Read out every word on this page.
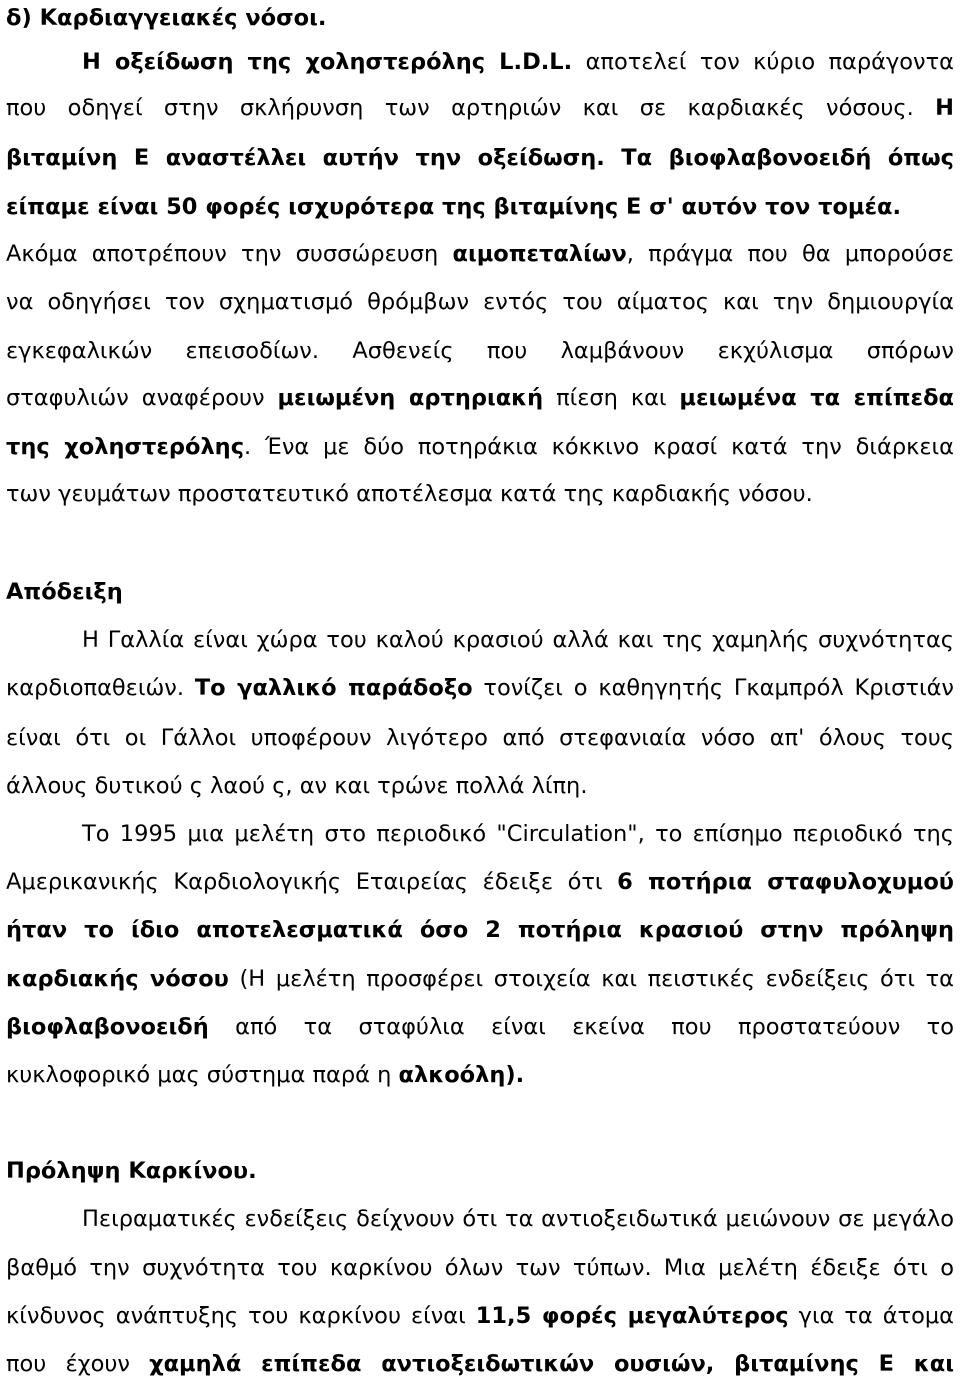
δ) Καρδιαγγειακές νόσοι.
Η οξείδωση της χοληστερόλης L.D.L. αποτελεί τον κύριο παράγοντα
που οδηγεί στην σκλήρυνση των αρτηριών και σε καρδιακές νόσους. Η
βιταμίνη Ε αναστέλλει αυτήν την οξείδωση. Τα βιοφλαβονοειδή όπως
είπαμε είναι 50 φορές ισχυρότερα της βιταμίνης Ε σ' αυτόν τον τομέα.
Ακόμα αποτρέπουν την συσσώρευση αιμοπεταλίων, πράγμα που θα μπορούσε
να οδηγήσει τον σχηματισμό θρόμβων εντός του αίματος και την δημιουργία
εγκεφαλικών επεισοδίων. Ασθενείς που λαμβάνουν εκχύλισμα σπόρων
σταφυλιών αναφέρουν μειωμένη αρτηριακή πίεση και μειωμένα τα επίπεδα
της χοληστερόλης. Ένα με δύο ποτηράκια κόκκινο κρασί κατά την διάρκεια
των γευμάτων προστατευτικό αποτέλεσμα κατά της καρδιακής νόσου.
Απόδειξη
Η Γαλλία είναι χώρα του καλού κρασιού αλλά και της χαμηλής συχνότητας
καρδιοπαθειών. Το γαλλικό παράδοξο τονίζει ο καθηγητής Γκαμπρόλ Κριστιάν
είναι ότι οι Γάλλοι υποφέρουν λιγότερο από στεφανιαία νόσο απ' όλους τους
άλλους δυτικού ς λαού ς, αν και τρώνε πολλά λίπη.
Το 1995 μια μελέτη στο περιοδικό "Circulation", το επίσημο περιοδικό της
Αμερικανικής Καρδιολογικής Εταιρείας έδειξε ότι 6 ποτήρια σταφυλοχυμού
ήταν το ίδιο αποτελεσματικά όσο 2 ποτήρια κρασιού στην πρόληψη
καρδιακής νόσου (Η μελέτη προσφέρει στοιχεία και πειστικές ενδείξεις ότι τα
βιοφλαβονοειδή από τα σταφύλια είναι εκείνα που προστατεύουν το
κυκλοφορικό μας σύστημα παρά η αλκοόλη).
Πρόληψη Καρκίνου.
Πειραματικές ενδείξεις δείχνουν ότι τα αντιοξειδωτικά μειώνουν σε μεγάλο
βαθμό την συχνότητα του καρκίνου όλων των τύπων. Μια μελέτη έδειξε ότι ο
κίνδυνος ανάπτυξης του καρκίνου είναι 11,5 φορές μεγαλύτερος για τα άτομα
που έχουν χαμηλά επίπεδα αντιοξειδωτικών ουσιών, βιταμίνης Ε και
